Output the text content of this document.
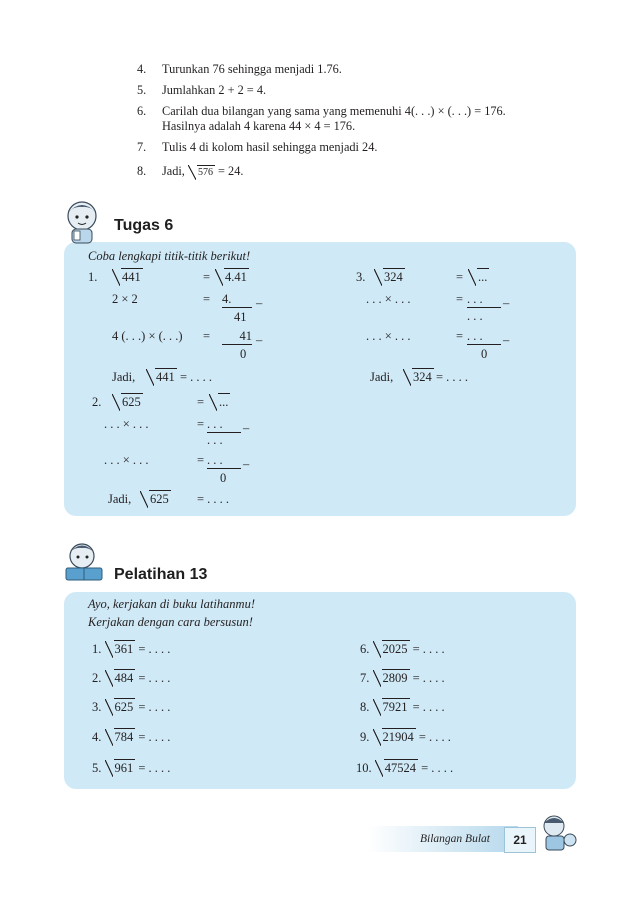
4. Turunkan 76 sehingga menjadi 1.76.
5. Jumlahkan 2 + 2 = 4.
6. Carilah dua bilangan yang sama yang memenuhi 4(. . .) × (. . .) = 176.
Hasilnya adalah 4 karena 44 × 4 = 176.
7. Tulis 4 di kolom hasil sehingga menjadi 24.
8. Jadi, 576 = 24.
Tugas 6
Coba lengkapi titik-titik berikut!
1.	441	=	4.41
2 × 2	= 4.	–
41
4 (. . .) × (. . .) =	41 –
0
Jadi,	441 = . . . .
2.	625	=	...
. . . × . . .	= . . .	–
. . .
. . . × . . .	= . . .	–
0
Jadi,	625 = . . . .
3.	324	=	...
. . . × . . .	= . . .	–
. . .
. . . × . . .	= . . .	–
0
Jadi,	324 = . . . .
Pelatihan 13
Ayo, kerjakan di buku latihanmu!
Kerjakan dengan cara bersusun!
1. 361 = . . . .
2. 484 = . . . .
3. 625 = . . . .
4. 784 = . . . .
5. 961 = . . . .
6. 2025 = . . . .
7. 2809 = . . . .
8. 7921 = . . . .
9. 21904 = . . . .
10. 47524 = . . . .
Bilangan Bulat	21
